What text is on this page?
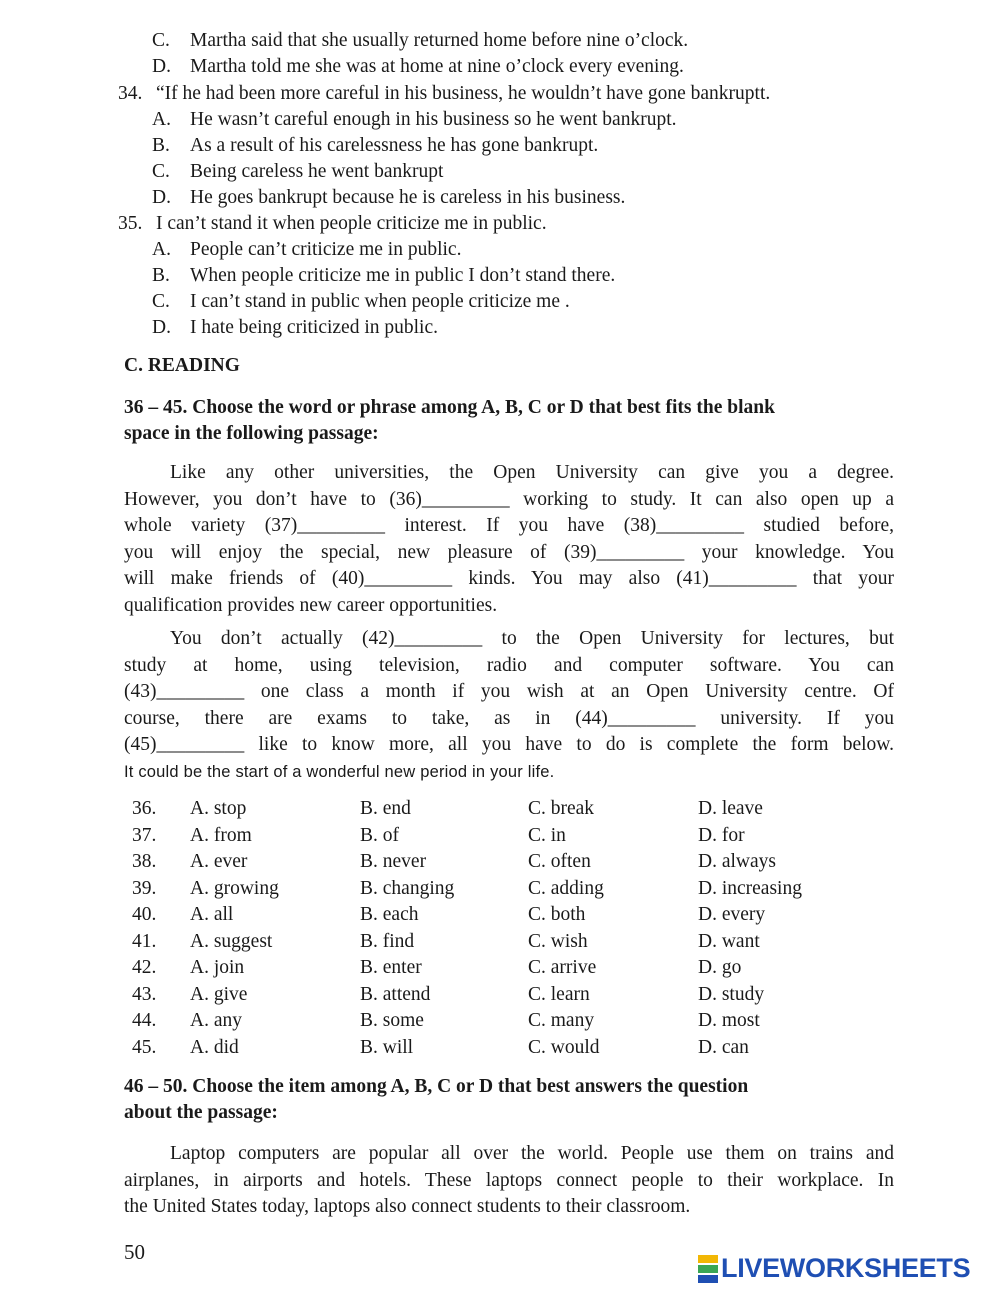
C. Martha said that she usually returned home before nine o’clock.
D. Martha told me she was at home at nine o’clock every evening.
34. “If he had been more careful in his business, he wouldn’t have gone bankruptt.
A. He wasn’t careful enough in his business so he went bankrupt.
B. As a result of his carelessness he has gone bankrupt.
C. Being careless he went bankrupt
D. He goes bankrupt because he is careless in his business.
35. I can’t stand it when people criticize me in public.
A. People can’t criticize me in public.
B. When people criticize me in public I don’t stand there.
C. I can’t stand in public when people criticize me .
D. I hate being criticized in public.
C. READING
36 – 45. Choose the word or phrase among A, B, C or D that best fits the blank
space in the following passage:
Like any other universities, the Open University can give you a degree.
However, you don’t have to (36)_________ working to study. It can also open up a
whole variety (37)_________ interest. If you have (38)_________ studied before,
you will enjoy the special, new pleasure of (39)_________ your knowledge. You
will make friends of (40)_________ kinds. You may also (41)_________ that your
qualification provides new career opportunities.
You don’t actually (42)_________ to the Open University for lectures, but
study at home, using television, radio and computer software. You can
(43)_________ one class a month if you wish at an Open University centre. Of
course, there are exams to take, as in (44)_________ university. If you
(45)_________ like to know more, all you have to do is complete the form below.
It could be the start of a wonderful new period in your life.
36.	A. stop	B. end	C. break	D. leave
37.	A. from	B. of	C. in	D. for
38.	A. ever	B. never	C. often	D. always
39.	A. growing	B. changing	C. adding	D. increasing
40.	A. all	B. each	C. both	D. every
41.	A. suggest	B. find	C. wish	D. want
42.	A. join	B. enter	C. arrive	D. go
43.	A. give	B. attend	C. learn	D. study
44.	A. any	B. some	C. many	D. most
45.	A. did	B. will	C. would	D. can
46 – 50. Choose the item among A, B, C or D that best answers the question
about the passage:
Laptop computers are popular all over the world. People use them on trains and
airplanes, in airports and hotels. These laptops connect people to their workplace. In
the United States today, laptops also connect students to their classroom.
50
LIVEWORKSHEETS
